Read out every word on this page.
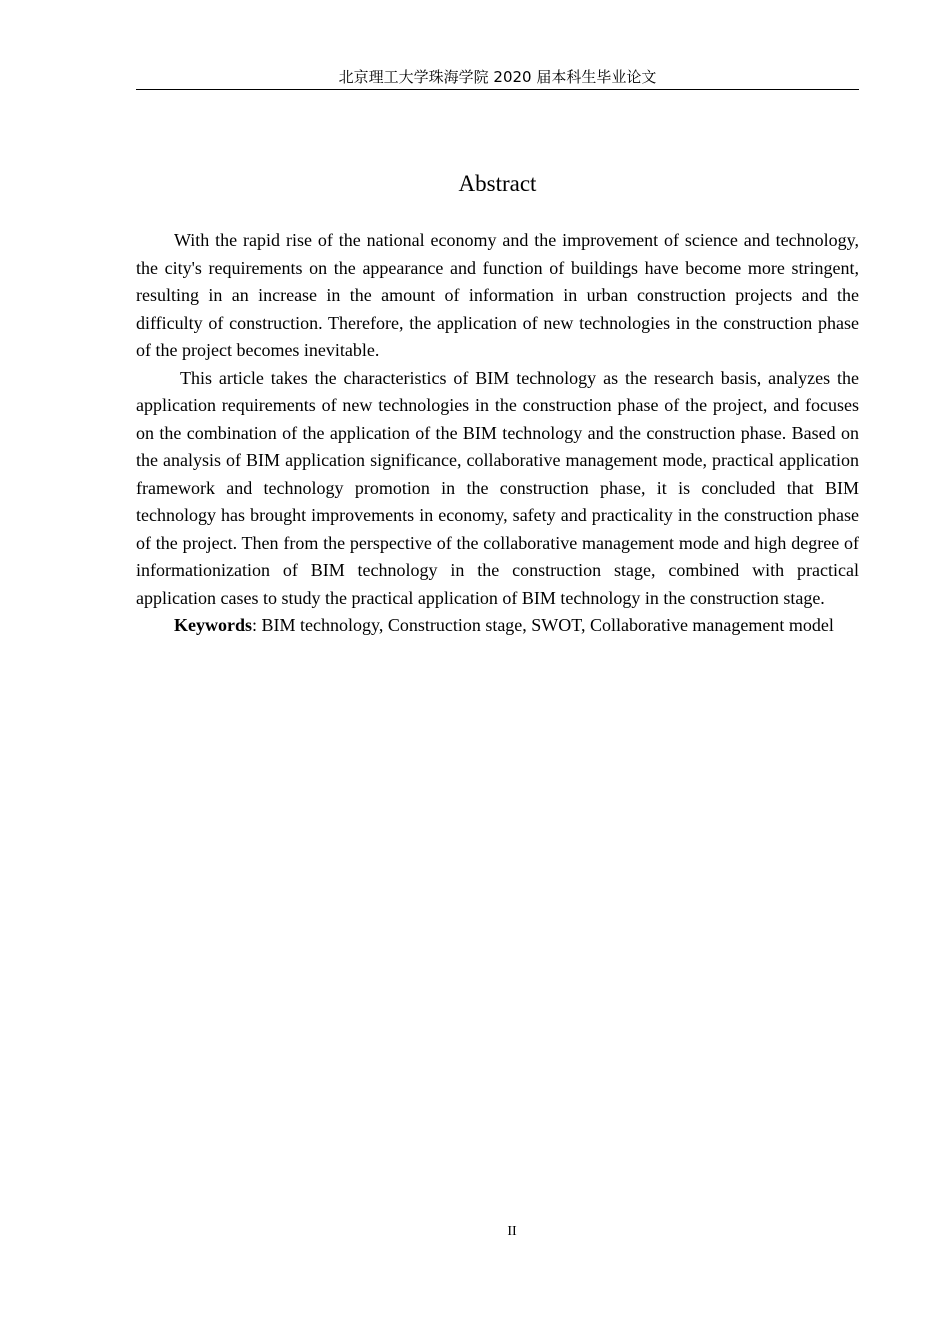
北京理工大学珠海学院 2020 届本科生毕业论文
Abstract

With the rapid rise of the national economy and the improvement of science and technology, the city's requirements on the appearance and function of buildings have become more stringent, resulting in an increase in the amount of information in urban construction projects and the difficulty of construction. Therefore, the application of new technologies in the construction phase of the project becomes inevitable.

This article takes the characteristics of BIM technology as the research basis, analyzes the application requirements of new technologies in the construction phase of the project, and focuses on the combination of the application of the BIM technology and the construction phase. Based on the analysis of BIM application significance, collaborative management mode, practical application framework and technology promotion in the construction phase, it is concluded that BIM technology has brought improvements in economy, safety and practicality in the construction phase of the project. Then from the perspective of the collaborative management mode and high degree of informationization of BIM technology in the construction stage, combined with practical application cases to study the practical application of BIM technology in the construction stage.

Keywords: BIM technology, Construction stage, SWOT, Collaborative management model

II
